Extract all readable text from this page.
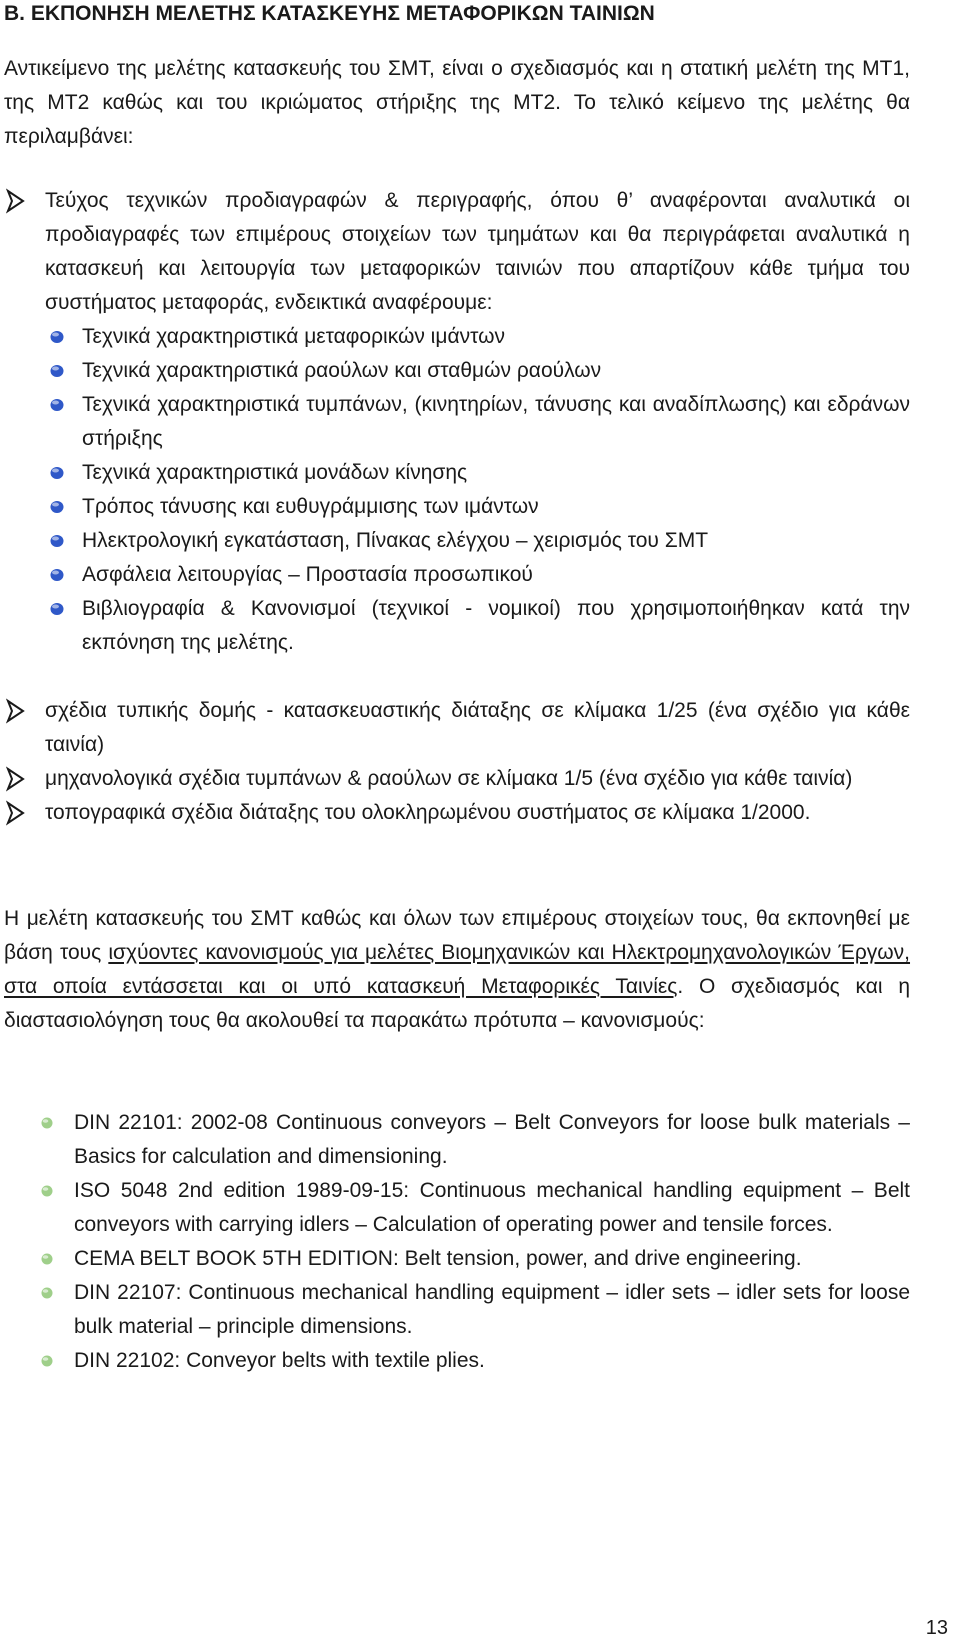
Β. ΕΚΠΟΝΗΣΗ ΜΕΛΕΤΗΣ ΚΑΤΑΣΚΕΥΗΣ ΜΕΤΑΦΟΡΙΚΩΝ ΤΑΙΝΙΩΝ

Αντικείμενο της μελέτης κατασκευής του ΣΜΤ, είναι ο σχεδιασμός και η στατική μελέτη της ΜΤ1, της ΜΤ2 καθώς και του ικριώματος στήριξης της ΜΤ2. Το τελικό κείμενο της μελέτης θα περιλαμβάνει:

Τεύχος τεχνικών προδιαγραφών & περιγραφής, όπου θ’ αναφέρονται αναλυτικά οι προδιαγραφές των επιμέρους στοιχείων των τμημάτων και θα περιγράφεται αναλυτικά η κατασκευή και λειτουργία των μεταφορικών ταινιών που απαρτίζουν κάθε τμήμα του συστήματος μεταφοράς, ενδεικτικά αναφέρουμε:
Τεχνικά χαρακτηριστικά μεταφορικών ιμάντων
Τεχνικά χαρακτηριστικά ραούλων και σταθμών ραούλων
Τεχνικά χαρακτηριστικά τυμπάνων, (κινητηρίων, τάνυσης και αναδίπλωσης) και εδράνων στήριξης
Τεχνικά χαρακτηριστικά μονάδων κίνησης
Τρόπος τάνυσης και ευθυγράμμισης των ιμάντων
Ηλεκτρολογική εγκατάσταση, Πίνακας ελέγχου – χειρισμός του ΣΜΤ
Ασφάλεια λειτουργίας – Προστασία προσωπικού
Βιβλιογραφία & Κανονισμοί (τεχνικοί - νομικοί) που χρησιμοποιήθηκαν κατά την εκπόνηση της μελέτης.
σχέδια τυπικής δομής - κατασκευαστικής διάταξης σε κλίμακα 1/25 (ένα σχέδιο για κάθε ταινία)
μηχανολογικά σχέδια τυμπάνων & ραούλων σε κλίμακα 1/5 (ένα σχέδιο για κάθε ταινία)
τοπογραφικά σχέδια διάταξης του ολοκληρωμένου συστήματος σε κλίμακα 1/2000.

Η μελέτη κατασκευής του ΣΜΤ καθώς και όλων των επιμέρους στοιχείων τους, θα εκπονηθεί με βάση τους ισχύοντες κανονισμούς για μελέτες Βιομηχανικών και Ηλεκτρομηχανολογικών Έργων, στα οποία εντάσσεται και οι υπό κατασκευή Μεταφορικές Ταινίες. Ο σχεδιασμός και η διαστασιολόγηση τους θα ακολουθεί τα παρακάτω πρότυπα – κανονισμούς:

DIN 22101: 2002-08 Continuous conveyors – Belt Conveyors for loose bulk materials – Basics for calculation and dimensioning.
ISO 5048 2nd edition 1989-09-15: Continuous mechanical handling equipment – Belt conveyors with carrying idlers – Calculation of operating power and tensile forces.
CEMA BELT BOOK 5TH EDITION: Belt tension, power, and drive engineering.
DIN 22107: Continuous mechanical handling equipment – idler sets – idler sets for loose bulk material – principle dimensions.
DIN 22102: Conveyor belts with textile plies.
13
